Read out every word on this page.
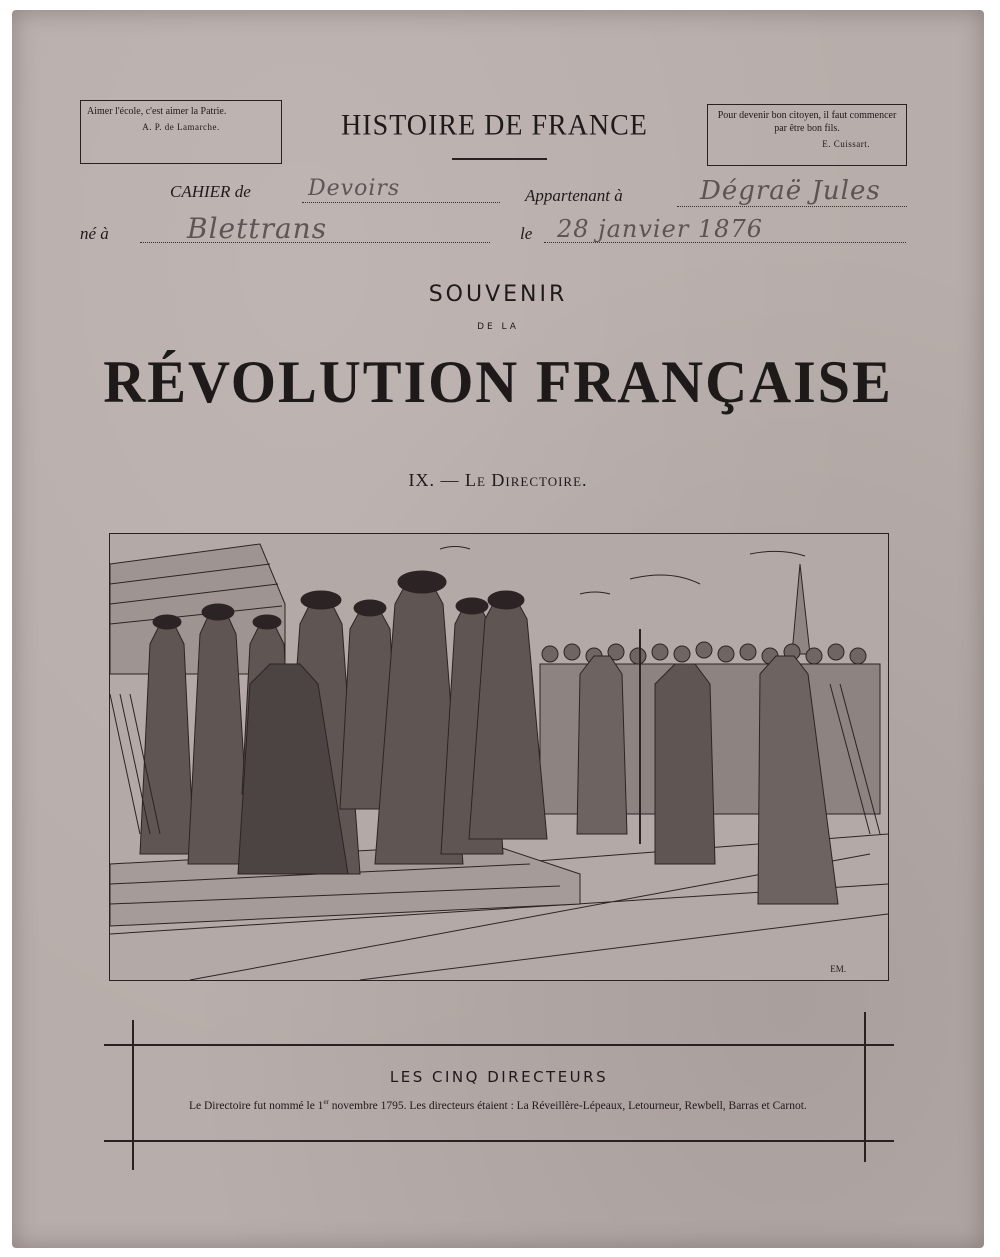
Aimer l'école, c'est aimer la Patrie.
A. P. de Lamarche.	HISTOIRE DE FRANCE	Pour devenir bon citoyen, il faut commencer par être bon fils.
E. Cuissart.
CAHIER de	Devoirs	Appartenant à	Dégraë Jules
né à	Blettrans	le 28 janvier 1876
SOUVENIR
DE LA
RÉVOLUTION FRANÇAISE
IX. — Le Directoire.
EM.
LES CINQ DIRECTEURS
Le Directoire fut nommé le 1er novembre 1795. Les directeurs étaient : La Réveillère-Lépeaux, Letourneur, Rewbell, Barras et Carnot.
